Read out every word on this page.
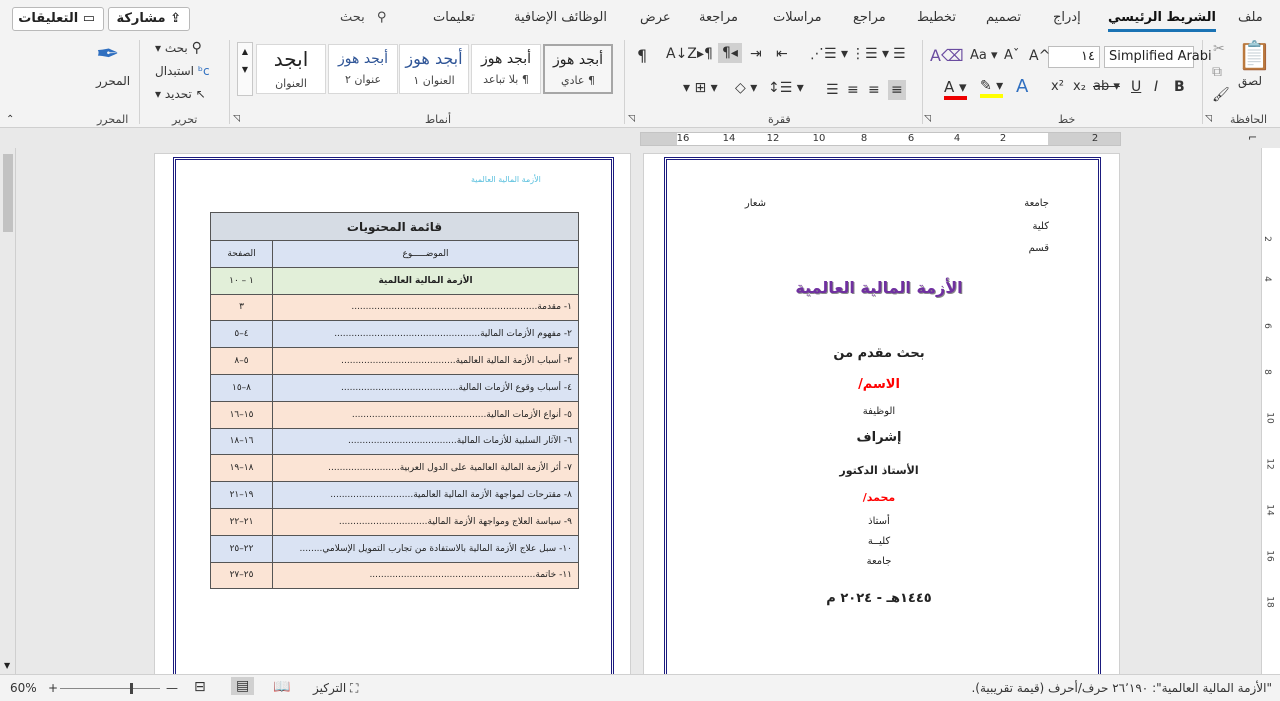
ملف
الشريط الرئيسي
إدراج
تصميم
تخطيط
مراجع
مراسلات
مراجعة
عرض
الوظائف الإضافية
تعليمات
بحث ⚲
⇪ مشاركة
▭ التعليقات
📋
لصق
✂
⧉
🖌
الحافظة
◹
Simplified Arabi
١٤
A^
Aˇ
Aa ▾
A⌫
B
I
U
ab ▾
x₂
x²
A
✎ ▾
A ▾
خط
◹
☰
⋮☰ ▾
⋰☰ ▾
⇤
⇥
¶◂
▸¶
A↓Z
¶
≡
≡
≡
☰
↕☰ ▾
◇ ▾
▾ ⊞ ▾
فقرة
◹
أبجد هوز
¶ عادي
أبجد هوز
¶ بلا تباعد
أبجد هوز
العنوان ١
أبجد هوز
عنوان ٢
ابجد
العنوان
▲
▼
أنماط
◹
▾ بحث ⚲
استبدال ᵇc
▾ تحديد ↖
تحرير
✒
المحرر
المحرر
⌃
⌐
2
2
4
6
8
10
12
14
16
▼
2
4
6
8
10
12
14
16
18
جامعة
شعار
كلية
قسم
الأزمة المالية العالمية
بحث مقدم من
الاسم/
الوظيفة
إشراف
الأستاذ الدكتور
محمد/
أستاذ
كليــة
جامعة
١٤٤٥هـ - ٢٠٢٤ م
الأزمة المالية العالمية
قائمة المحتويات	
الموضـــــوع	الصفحة
الأزمة المالية العالمية	١ – ١٠
١- مقدمة.................................................................	٣
٢- مفهوم الأزمات المالية...................................................	٤–٥
٣- أسباب الأزمة المالية العالمية........................................	٥–٨
٤- أسباب وقوع الأزمات المالية.........................................	٨–١٥
٥- أنواع الأزمات المالية...............................................	١٥–١٦
٦- الآثار السلبية للأزمات المالية......................................	١٦–١٨
٧- أثر الأزمة المالية العالمية على الدول العربية.........................	١٨–١٩
٨- مقترحات لمواجهة الأزمة المالية العالمية.............................	١٩–٢١
٩- سياسة العلاج ومواجهة الأزمة المالية...............................	٢١–٢٢
١٠- سبل علاج الأزمة المالية بالاستفادة من تجارب التمويل الإسلامي........	٢٢–٢٥
١١- خاتمة..........................................................	٢٥–٢٧
"الأزمة المالية العالمية": ٢٦٬١٩٠ حرف/أحرف (قيمة تقريبية).
التركيز ⛶
📖
▤
⊟
—
+
60%
